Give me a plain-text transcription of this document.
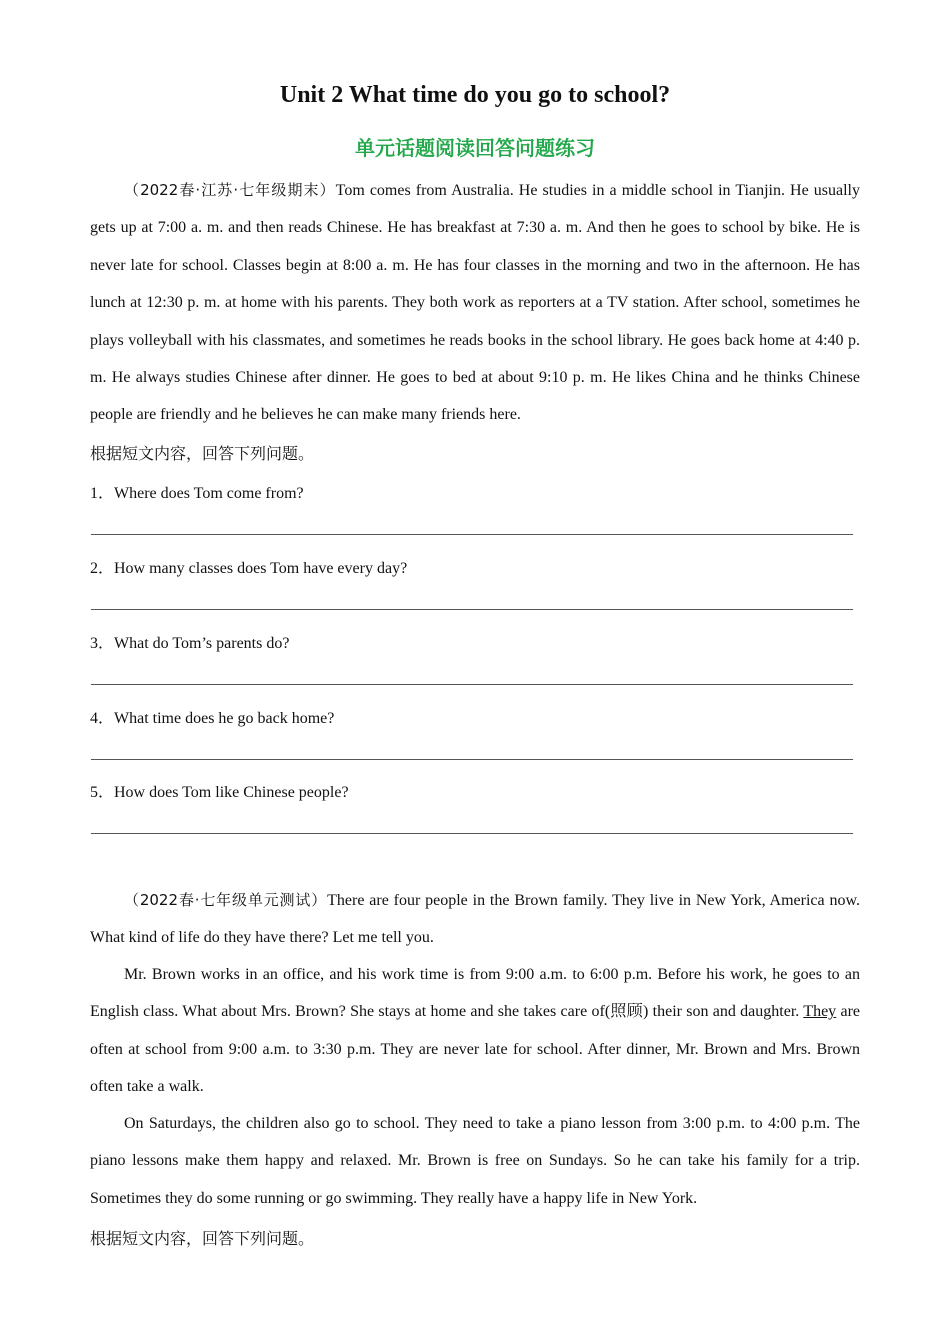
Unit 2 What time do you go to school?
单元话题阅读回答问题练习

（2022春·江苏·七年级期末）Tom comes from Australia. He studies in a middle school in Tianjin. He usually gets up at 7:00 a. m. and then reads Chinese. He has breakfast at 7:30 a. m. And then he goes to school by bike. He is never late for school. Classes begin at 8:00 a. m. He has four classes in the morning and two in the afternoon. He has lunch at 12:30 p. m. at home with his parents. They both work as reporters at a TV station. After school, sometimes he plays volleyball with his classmates, and sometimes he reads books in the school library. He goes back home at 4:40 p. m. He always studies Chinese after dinner. He goes to bed at about 9:10 p. m. He likes China and he thinks Chinese people are friendly and he believes he can make many friends here.

根据短文内容，回答下列问题。
1．Where does Tom come from?
2．How many classes does Tom have every day?
3．What do Tom’s parents do?
4．What time does he go back home?
5．How does Tom like Chinese people?

（2022春·七年级单元测试）There are four people in the Brown family. They live in New York, America now. What kind of life do they have there? Let me tell you.

Mr. Brown works in an office, and his work time is from 9:00 a.m. to 6:00 p.m. Before his work, he goes to an English class. What about Mrs. Brown? She stays at home and she takes care of(照顾) their son and daughter. They are often at school from 9:00 a.m. to 3:30 p.m. They are never late for school. After dinner, Mr. Brown and Mrs. Brown often take a walk.

On Saturdays, the children also go to school. They need to take a piano lesson from 3:00 p.m. to 4:00 p.m. The piano lessons make them happy and relaxed. Mr. Brown is free on Sundays. So he can take his family for a trip. Sometimes they do some running or go swimming. They really have a happy life in New York.

根据短文内容，回答下列问题。
